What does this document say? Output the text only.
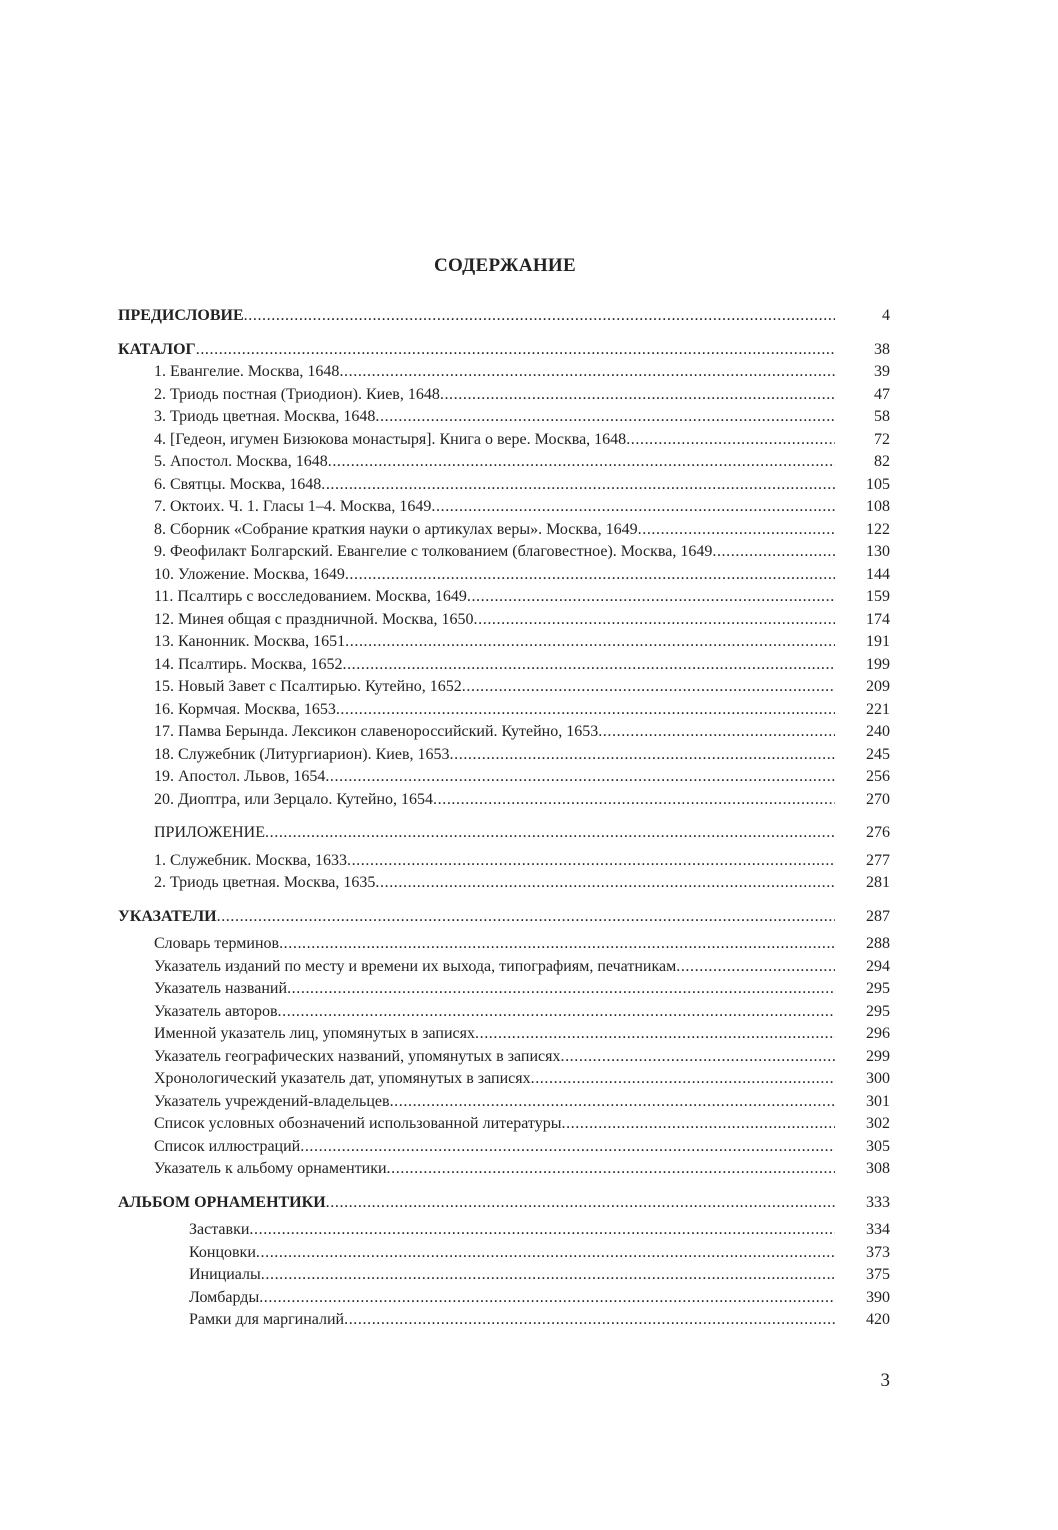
СОДЕРЖАНИЕ
ПРЕДИСЛОВИЕ .....	4
КАТАЛОГ .....	38
1. Евангелие. Москва, 1648 .....	39
2. Триодь постная (Триодион). Киев, 1648 .....	47
3. Триодь цветная. Москва, 1648 .....	58
4. [Гедеон, игумен Бизюкова монастыря]. Книга о вере. Москва, 1648 .....	72
5. Апостол. Москва, 1648 .....	82
6. Святцы. Москва, 1648 .....	105
7. Октоих. Ч. 1. Гласы 1–4. Москва, 1649 .....	108
8. Сборник «Собрание краткия науки о артикулах веры». Москва, 1649 .....	122
9. Феофилакт Болгарский. Евангелие с толкованием (благовестное). Москва, 1649 .....	130
10. Уложение. Москва, 1649 .....	144
11. Псалтирь с восследованием. Москва, 1649 .....	159
12. Минея общая с праздничной. Москва, 1650 .....	174
13. Канонник. Москва, 1651 .....	191
14. Псалтирь. Москва, 1652 .....	199
15. Новый Завет с Псалтирью. Кутейно, 1652 .....	209
16. Кормчая. Москва, 1653 .....	221
17. Памва Берында. Лексикон славенороссийский. Кутейно, 1653 .....	240
18. Служебник (Литургиарион). Киев, 1653 .....	245
19. Апостол. Львов, 1654 .....	256
20. Диоптра, или Зерцало. Кутейно, 1654 .....	270
ПРИЛОЖЕНИЕ .....	276
1. Служебник. Москва, 1633 .....	277
2. Триодь цветная. Москва, 1635 .....	281
УКАЗАТЕЛИ .....	287
Словарь терминов .....	288
Указатель изданий по месту и времени их выхода, типографиям, печатникам .....	294
Указатель названий .....	295
Указатель авторов .....	295
Именной указатель лиц, упомянутых в записях .....	296
Указатель географических названий, упомянутых в записях .....	299
Хронологический указатель дат, упомянутых в записях .....	300
Указатель учреждений-владельцев .....	301
Список условных обозначений использованной литературы .....	302
Список иллюстраций .....	305
Указатель к альбому орнаментики .....	308
АЛЬБОМ ОРНАМЕНТИКИ .....	333
Заставки .....	334
Концовки .....	373
Инициалы .....	375
Ломбарды .....	390
Рамки для маргиналий .....	420
3
